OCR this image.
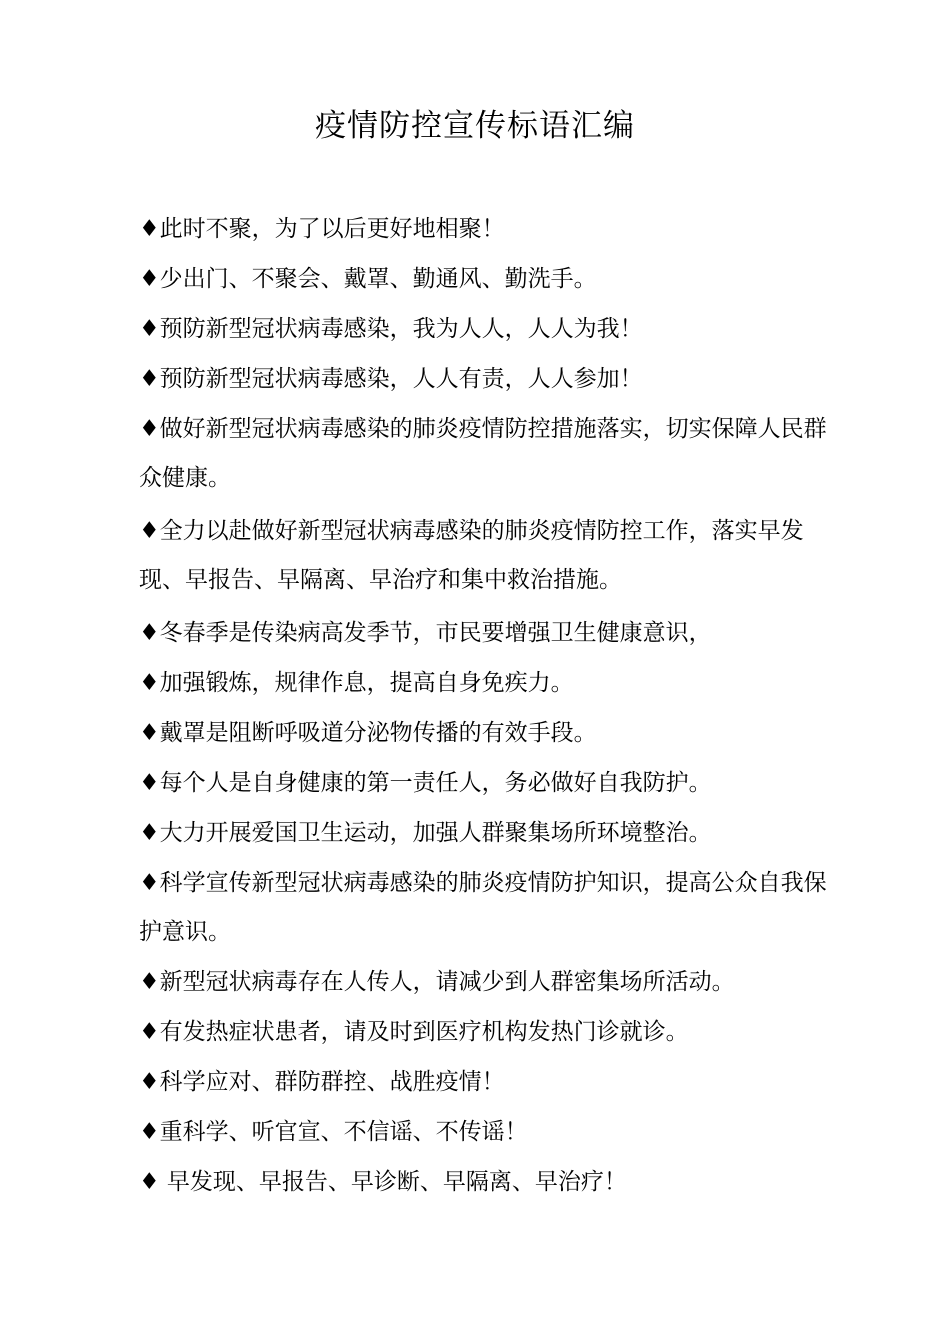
疫情防控宣传标语汇编
♦此时不聚，为了以后更好地相聚！
♦少出门、不聚会、戴罩、勤通风、勤洗手。
♦预防新型冠状病毒感染，我为人人，人人为我！
♦预防新型冠状病毒感染，人人有责，人人参加！
♦做好新型冠状病毒感染的肺炎疫情防控措施落实，切实保障人民群众健康。
♦全力以赴做好新型冠状病毒感染的肺炎疫情防控工作，落实早发现、早报告、早隔离、早治疗和集中救治措施。
♦冬春季是传染病高发季节，市民要增强卫生健康意识，
♦加强锻炼，规律作息，提高自身免疾力。
♦戴罩是阻断呼吸道分泌物传播的有效手段。
♦每个人是自身健康的第一责任人，务必做好自我防护。
♦大力开展爱国卫生运动，加强人群聚集场所环境整治。
♦科学宣传新型冠状病毒感染的肺炎疫情防护知识，提高公众自我保护意识。
♦新型冠状病毒存在人传人，请减少到人群密集场所活动。
♦有发热症状患者，请及时到医疗机构发热门诊就诊。
♦科学应对、群防群控、战胜疫情！
♦重科学、听官宣、不信谣、不传谣！
♦ 早发现、早报告、早诊断、早隔离、早治疗！
